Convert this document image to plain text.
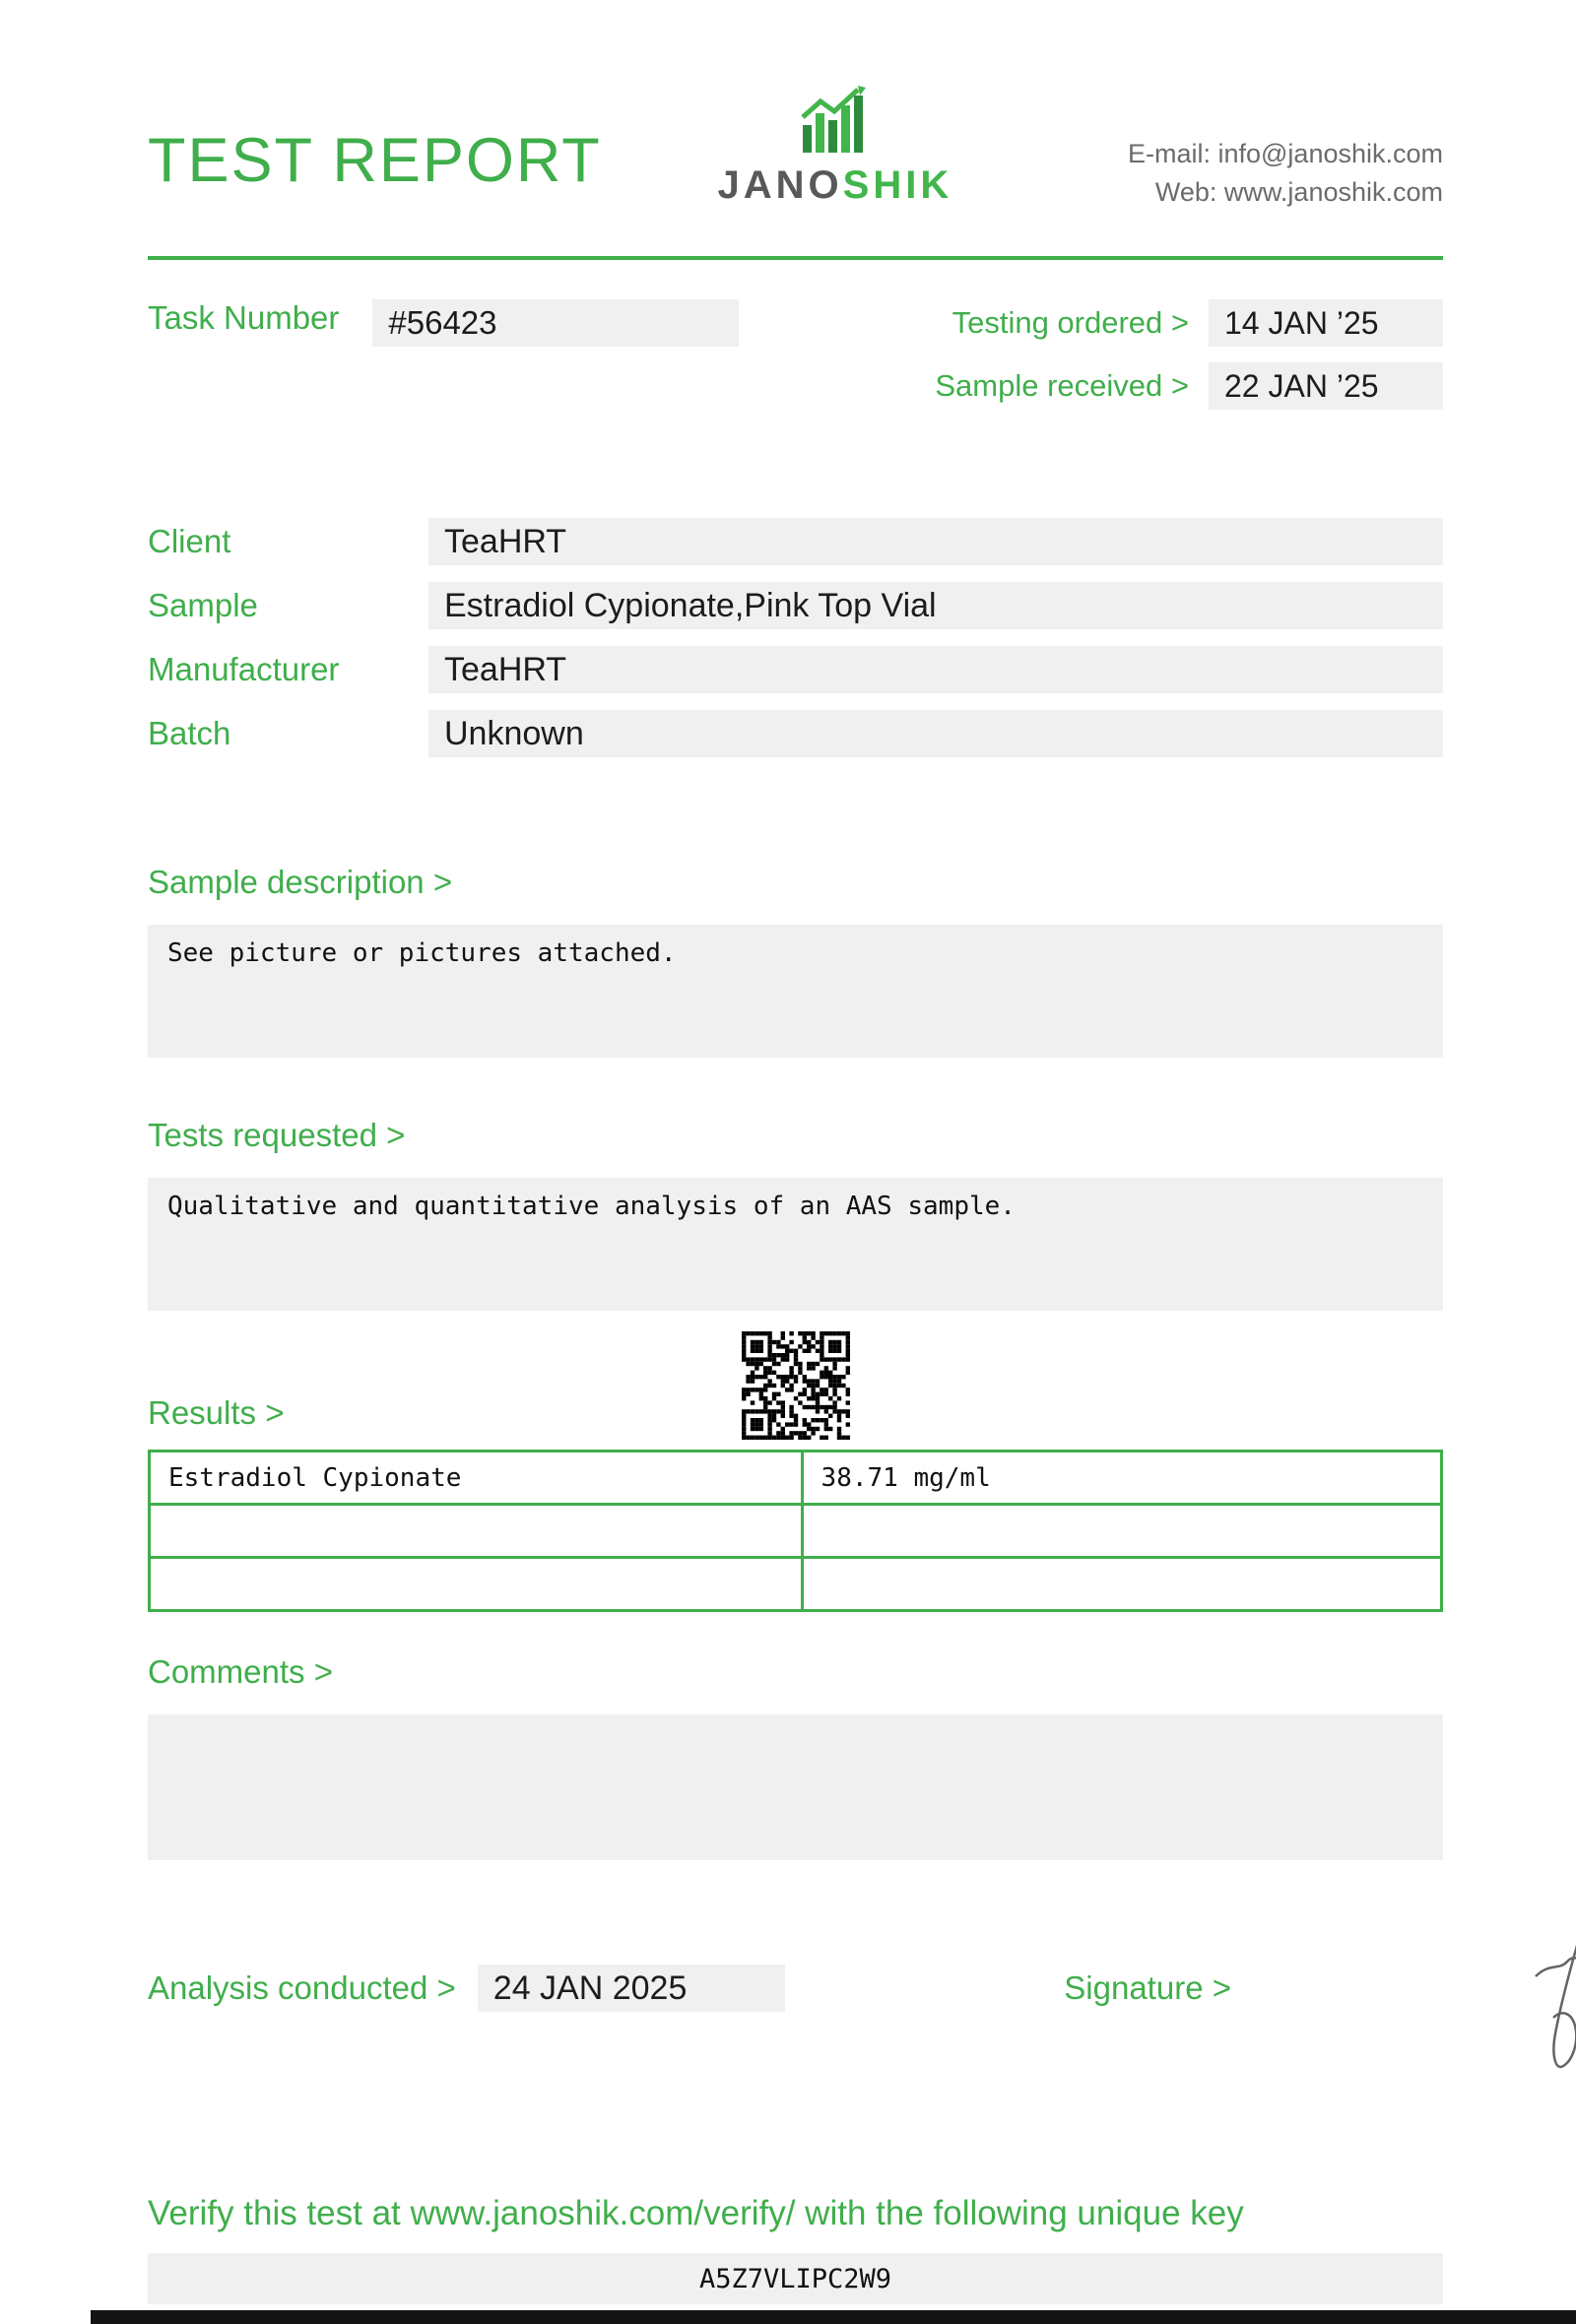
TEST REPORT	JANOSHIK
E-mail: info@janoshik.com
Web: www.janoshik.com
Task Number	#56423	Testing ordered >	14 JAN ’25
Sample received >	22 JAN ’25
Client	TeaHRT
Sample	Estradiol Cypionate,Pink Top Vial
Manufacturer	TeaHRT
Batch	Unknown
Sample description >
See picture or pictures attached.
Tests requested >
Qualitative and quantitative analysis of an AAS sample.
Results >
Estradiol Cypionate	38.71 mg/ml

Comments >
Analysis conducted >	24 JAN 2025	Signature >
Verify this test at www.janoshik.com/verify/ with the following unique key
A5Z7VLIPC2W9
